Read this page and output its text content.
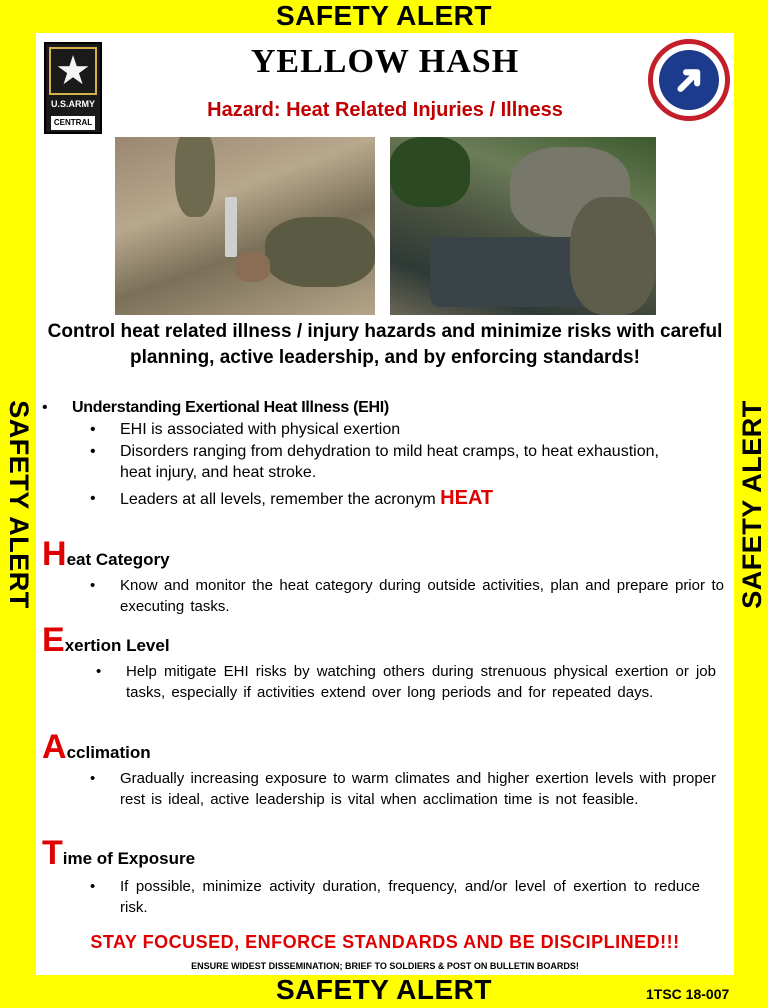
SAFETY ALERT
SAFETY ALERT	SAFETY ALERT
★
U.S.ARMY
CENTRAL
YELLOW HASH
Hazard: Heat Related Injuries / Illness
➜
Control heat related illness / injury hazards and minimize risks with careful planning, active leadership, and by enforcing standards!
• Understanding Exertional Heat Illness (EHI)
• EHI is associated with physical exertion
• Disorders ranging from dehydration to mild heat cramps, to heat exhaustion, heat injury, and heat stroke.
• Leaders at all levels, remember the acronym HEAT
Heat Category
• Know and monitor the heat category during outside activities, plan and prepare prior to executing tasks.
Exertion Level
• Help mitigate EHI risks by watching others during strenuous physical exertion or job tasks, especially if activities extend over long periods and for repeated days.
Acclimation
• Gradually increasing exposure to warm climates and higher exertion levels with proper rest is ideal, active leadership is vital when acclimation time is not feasible.
Time of Exposure
• If possible, minimize activity duration, frequency, and/or level of exertion to reduce risk.
STAY FOCUSED, ENFORCE STANDARDS AND BE DISCIPLINED!!!
ENSURE WIDEST DISSEMINATION; BRIEF TO SOLDIERS & POST ON BULLETIN BOARDS!
SAFETY ALERT	1TSC 18-007
